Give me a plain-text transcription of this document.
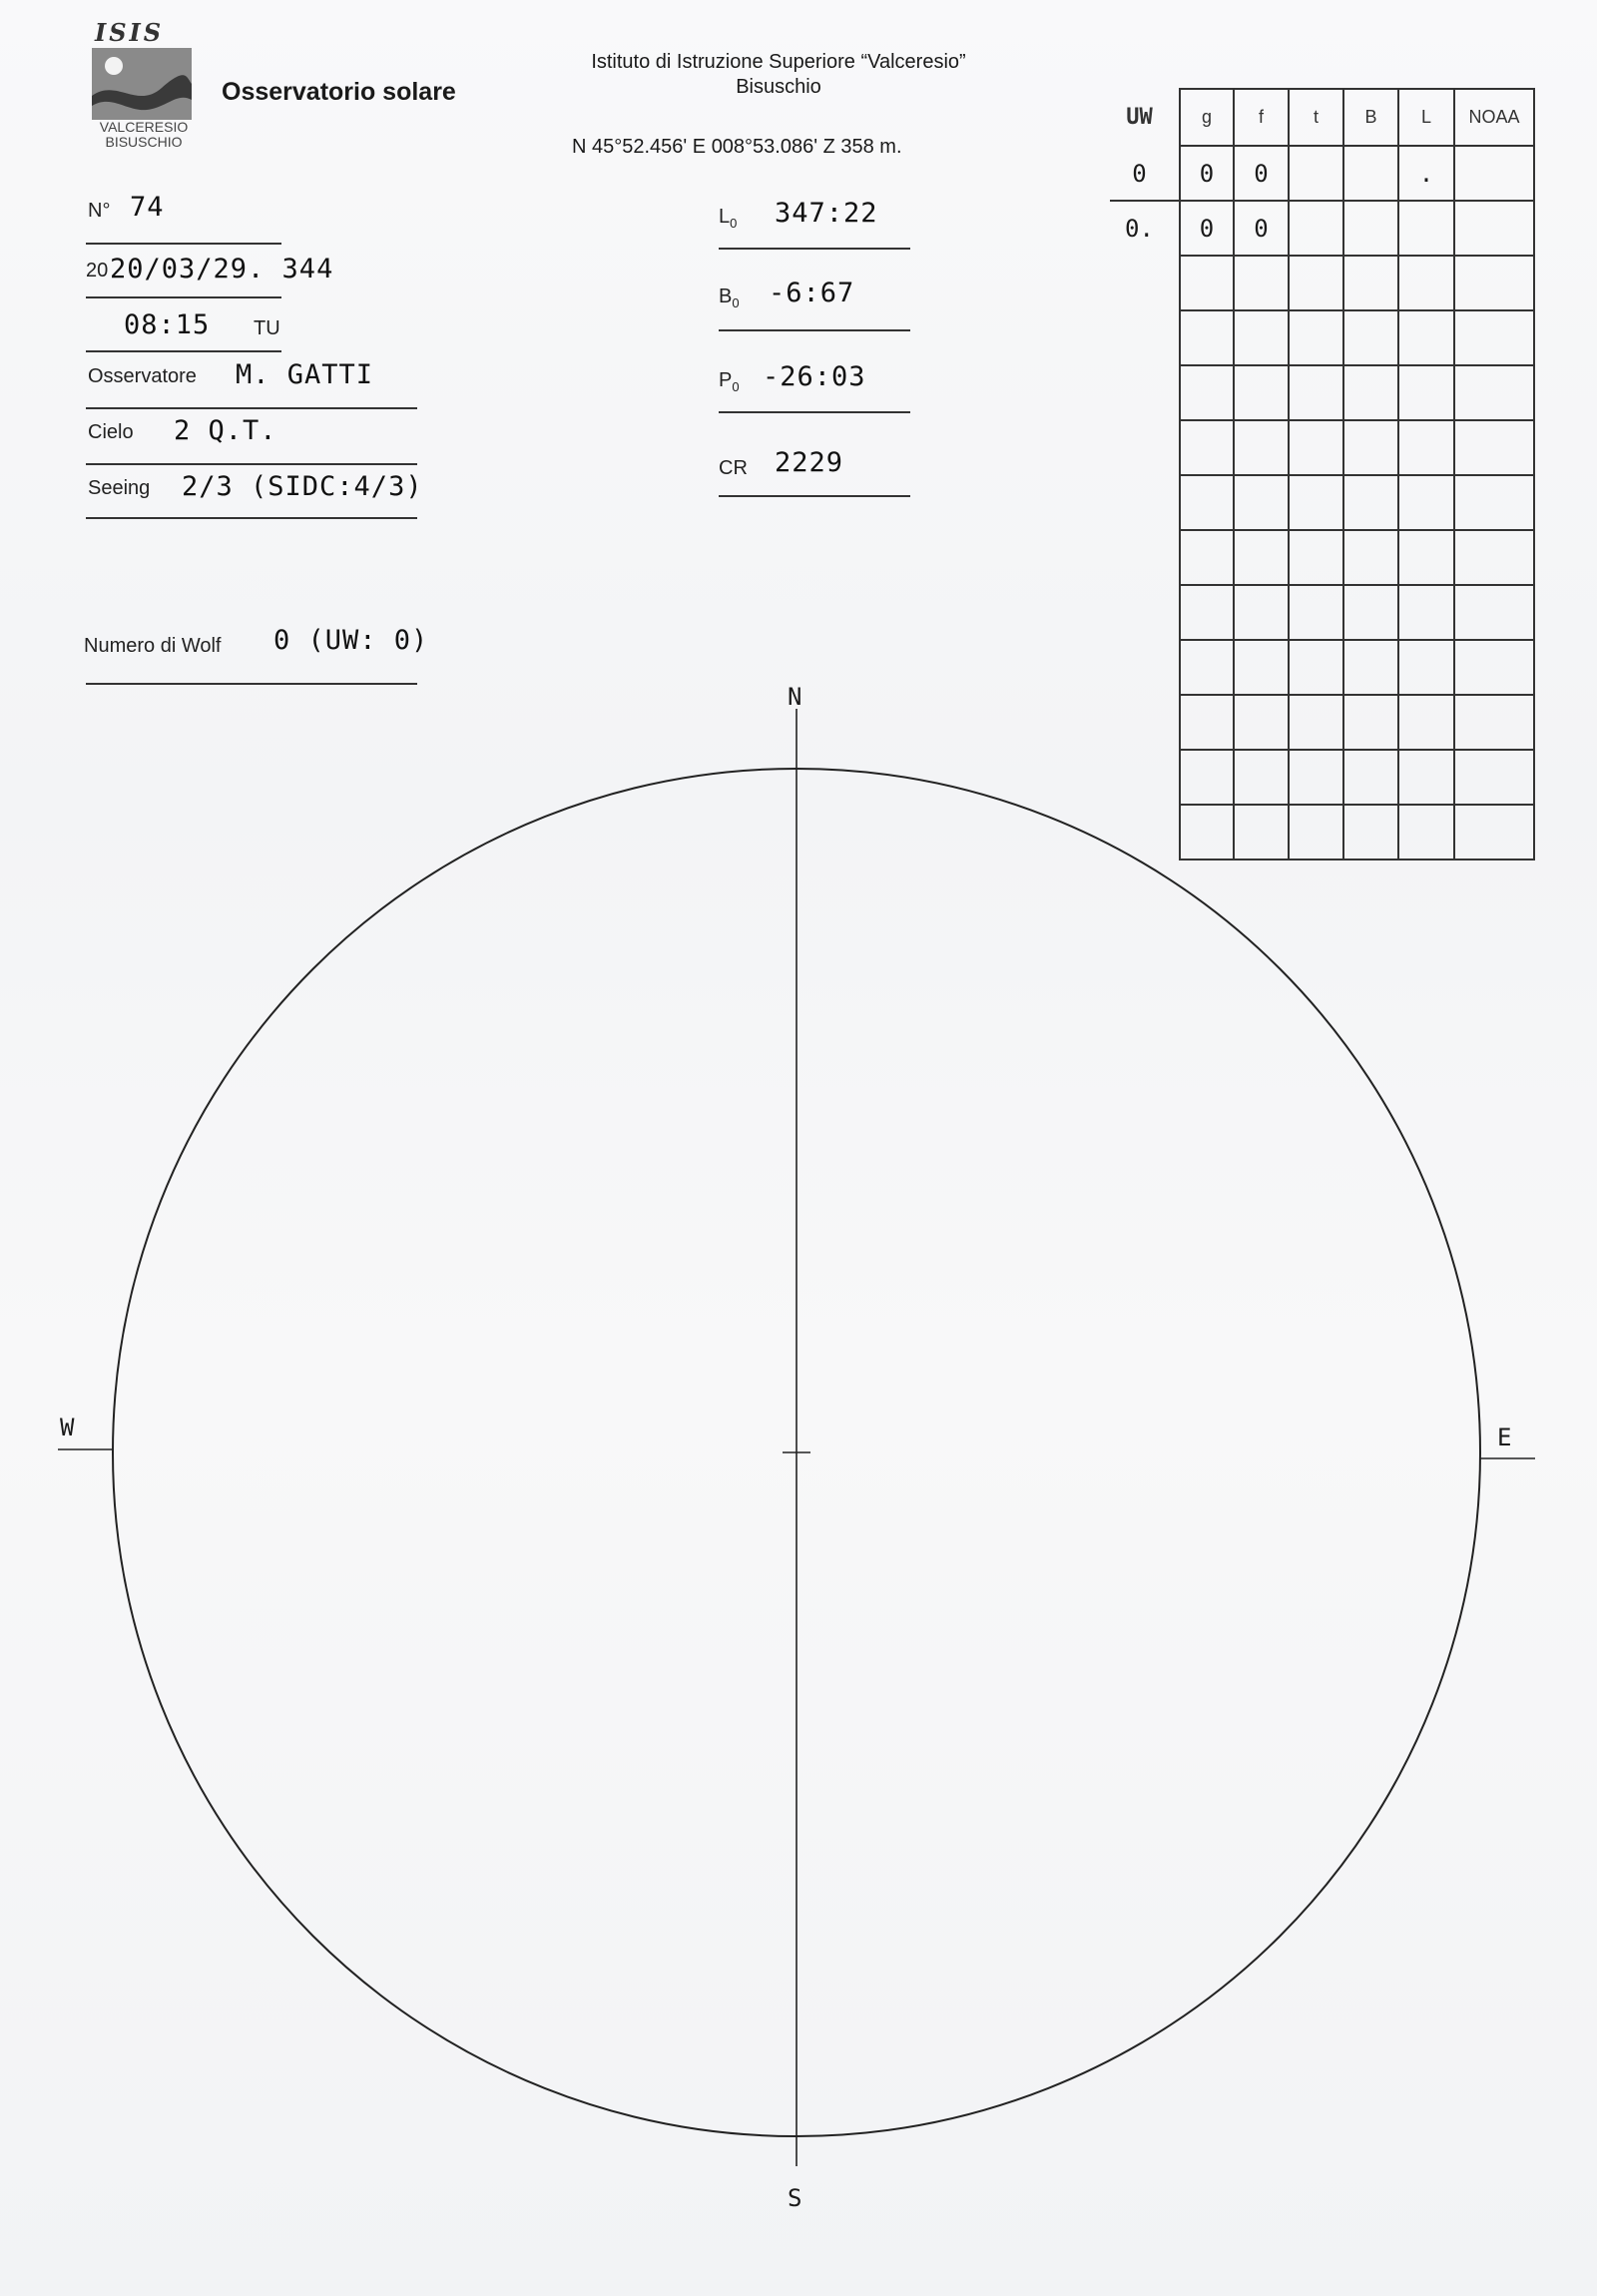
ISIS
VALCERESIO
BISUSCHIO
Osservatorio solare
Istituto di Istruzione Superiore “Valceresio”
Bisuschio
N 45°52.456' E 008°53.086' Z 358 m.
N° 74
20 20/03/29. 344
08:15 TU
Osservatore M. GATTI
Cielo 2 Q.T.
Seeing 2/3 (SIDC:4/3)
Numero di Wolf 0 (UW: 0)
$L_0$ 347:22
$B_0$ -6:67
$P_0$ -26:03
CR 2229
UW	g	f	t	B	L	NOAA
0	0	0			.	
0.	0	0				

N
S
E
W
